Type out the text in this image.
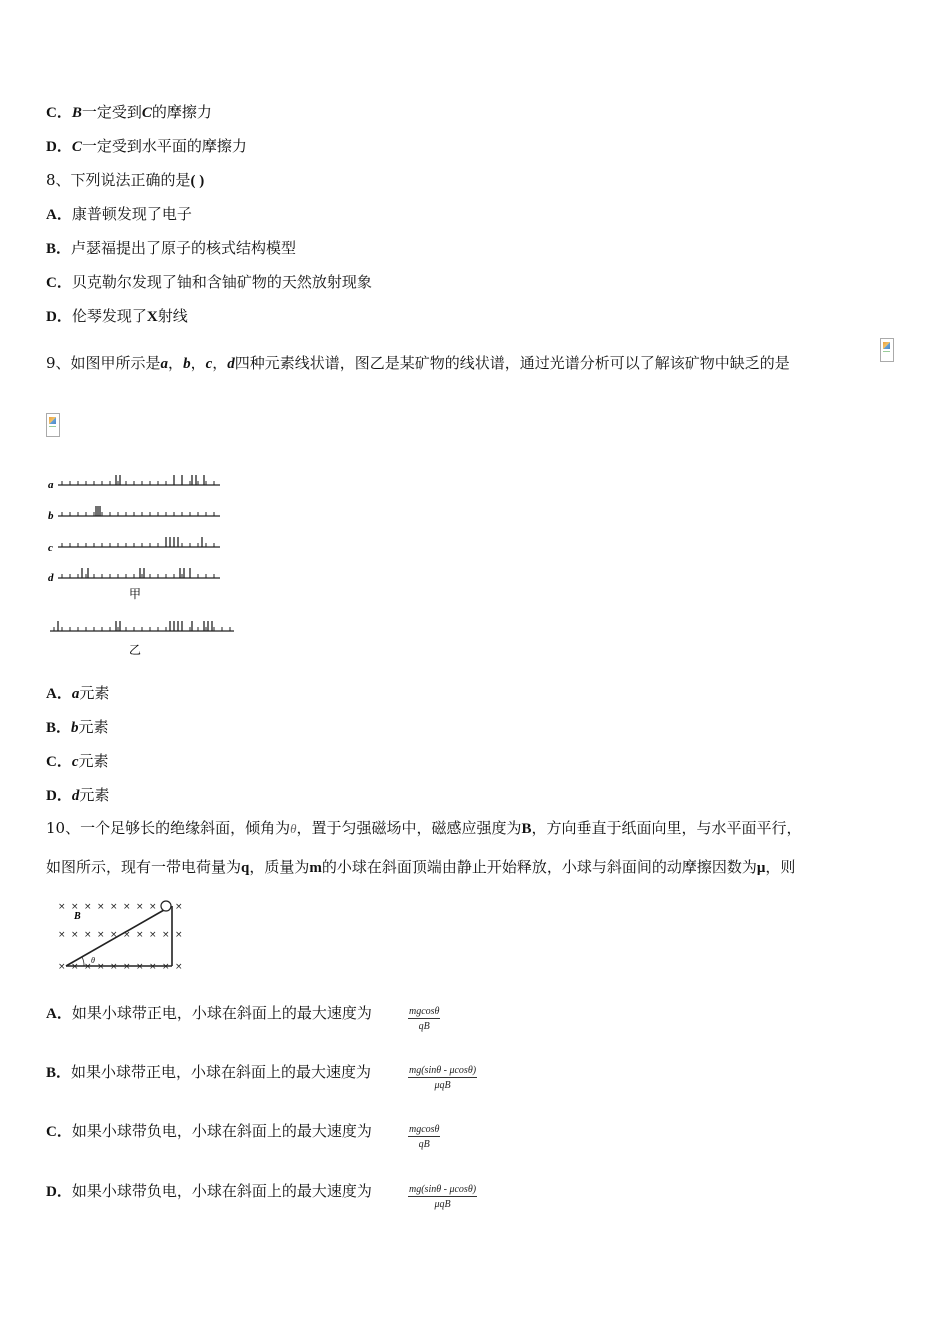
C．B一定受到C的摩擦力
D．C一定受到水平面的摩擦力
8、下列说法正确的是( )
A．康普顿发现了电子
B．卢瑟福提出了原子的核式结构模型
C．贝克勒尔发现了铀和含铀矿物的天然放射现象
D．伦琴发现了X射线
9、如图甲所示是a，b，c，d四种元素线状谱，图乙是某矿物的线状谱，通过光谱分析可以了解该矿物中缺乏的是
a
b
c
d
甲
乙
A．a元素
B．b元素
C．c元素
D．d元素
10、一个足够长的绝缘斜面，倾角为θ，置于匀强磁场中，磁感应强度为B，方向垂直于纸面向里，与水平面平行，
如图所示，现有一带电荷量为q，质量为m的小球在斜面顶端由静止开始释放，小球与斜面间的动摩擦因数为μ，则
× × × × × × × × ×
× × × × × × × × × ×
× × × × × × × × × ×
B
θ
A．如果小球带正电，小球在斜面上的最大速度为	$\frac{mgcos\theta}{qB}$
B．如果小球带正电，小球在斜面上的最大速度为	mg(sinθ - μcosθ)
μqB
C．如果小球带负电，小球在斜面上的最大速度为	$\frac{mgcos\theta}{qB}$
D．如果小球带负电，小球在斜面上的最大速度为	mg(sinθ - μcosθ)
μqB
